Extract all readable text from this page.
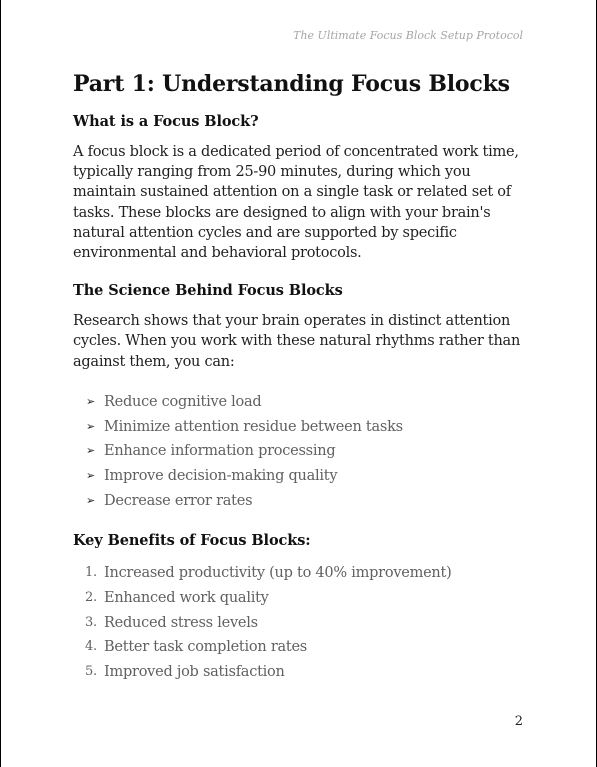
The Ultimate Focus Block Setup Protocol
Part 1: Understanding Focus Blocks
What is a Focus Block?

A focus block is a dedicated period of concentrated work time, typically ranging from 25-90 minutes, during which you maintain sustained attention on a single task or related set of tasks. These blocks are designed to align with your brain's natural attention cycles and are supported by specific environmental and behavioral protocols.

The Science Behind Focus Blocks

Research shows that your brain operates in distinct attention cycles. When you work with these natural rhythms rather than against them, you can:

➢ Reduce cognitive load
➢ Minimize attention residue between tasks
➢ Enhance information processing
➢ Improve decision-making quality
➢ Decrease error rates
Key Benefits of Focus Blocks:
1. Increased productivity (up to 40% improvement)
2. Enhanced work quality
3. Reduced stress levels
4. Better task completion rates
5. Improved job satisfaction
2
